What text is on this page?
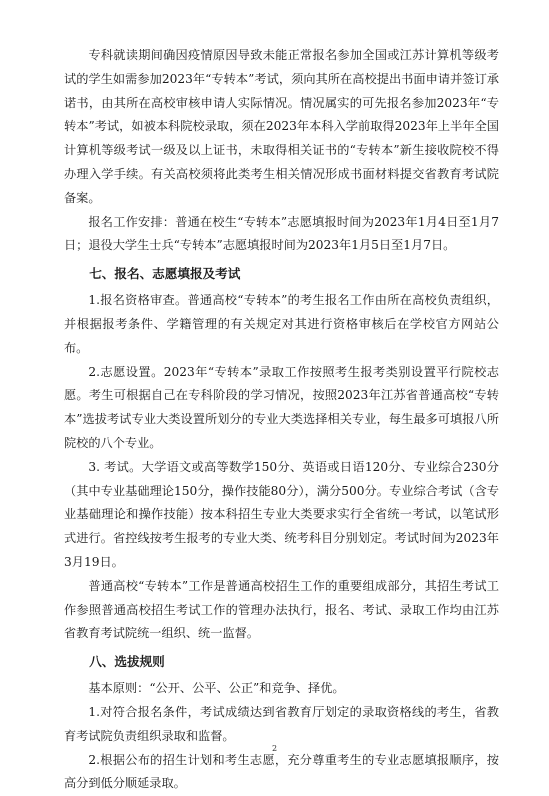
专科就读期间确因疫情原因导致未能正常报名参加全国或江苏计算机等级考试的学生如需参加2023年“专转本”考试，须向其所在高校提出书面申请并签订承诺书，由其所在高校审核申请人实际情况。情况属实的可先报名参加2023年“专转本”考试，如被本科院校录取，须在2023年本科入学前取得2023年上半年全国计算机等级考试一级及以上证书，未取得相关证书的“专转本”新生接收院校不得办理入学手续。有关高校须将此类考生相关情况形成书面材料提交省教育考试院备案。

报名工作安排：普通在校生“专转本”志愿填报时间为2023年1月4日至1月7日；退役大学生士兵“专转本”志愿填报时间为2023年1月5日至1月7日。

七、报名、志愿填报及考试

1.报名资格审查。普通高校“专转本”的考生报名工作由所在高校负责组织，并根据报考条件、学籍管理的有关规定对其进行资格审核后在学校官方网站公布。

2.志愿设置。2023年“专转本”录取工作按照考生报考类别设置平行院校志愿。考生可根据自己在专科阶段的学习情况，按照2023年江苏省普通高校“专转本”选拔考试专业大类设置所划分的专业大类选择相关专业，每生最多可填报八所院校的八个专业。

3. 考试。大学语文或高等数学150分、英语或日语120分、专业综合230分（其中专业基础理论150分，操作技能80分），满分500分。专业综合考试（含专业基础理论和操作技能）按本科招生专业大类要求实行全省统一考试，以笔试形式进行。省控线按考生报考的专业大类、统考科目分别划定。考试时间为2023年3月19日。

普通高校“专转本”工作是普通高校招生工作的重要组成部分，其招生考试工作参照普通高校招生考试工作的管理办法执行，报名、考试、录取工作均由江苏省教育考试院统一组织、统一监督。

八、选拔规则

基本原则：“公开、公平、公正”和竞争、择优。

1.对符合报名条件，考试成绩达到省教育厅划定的录取资格线的考生，省教育考试院负责组织录取和监督。

2.根据公布的招生计划和考生志愿，充分尊重考生的专业志愿填报顺序，按高分到低分顺延录取。

2
